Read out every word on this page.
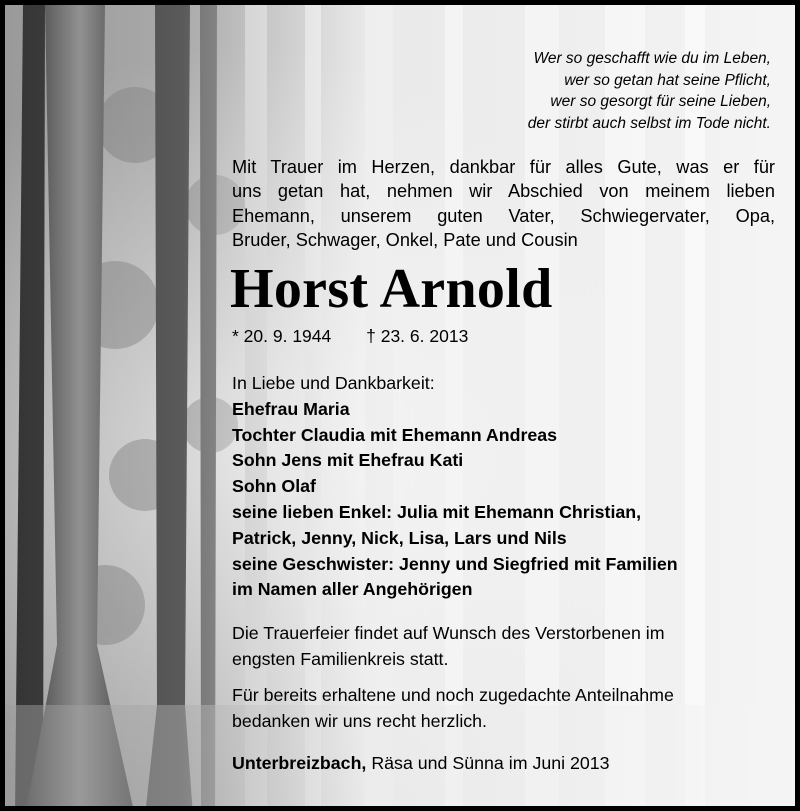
Wer so geschafft wie du im Leben,
wer so getan hat seine Pflicht,
wer so gesorgt für seine Lieben,
der stirbt auch selbst im Tode nicht.
Mit Trauer im Herzen, dankbar für alles Gute, was er für
uns getan hat, nehmen wir Abschied von meinem lieben
Ehemann, unserem guten Vater, Schwiegervater, Opa,
Bruder, Schwager, Onkel, Pate und Cousin
Horst Arnold
* 20. 9. 1944 † 23. 6. 2013
In Liebe und Dankbarkeit:
Ehefrau Maria
Tochter Claudia mit Ehemann Andreas
Sohn Jens mit Ehefrau Kati
Sohn Olaf
seine lieben Enkel: Julia mit Ehemann Christian,
Patrick, Jenny, Nick, Lisa, Lars und Nils
seine Geschwister: Jenny und Siegfried mit Familien
im Namen aller Angehörigen
Die Trauerfeier findet auf Wunsch des Verstorbenen im
engsten Familienkreis statt.
Für bereits erhaltene und noch zugedachte Anteilnahme
bedanken wir uns recht herzlich.
Unterbreizbach, Räsa und Sünna im Juni 2013
